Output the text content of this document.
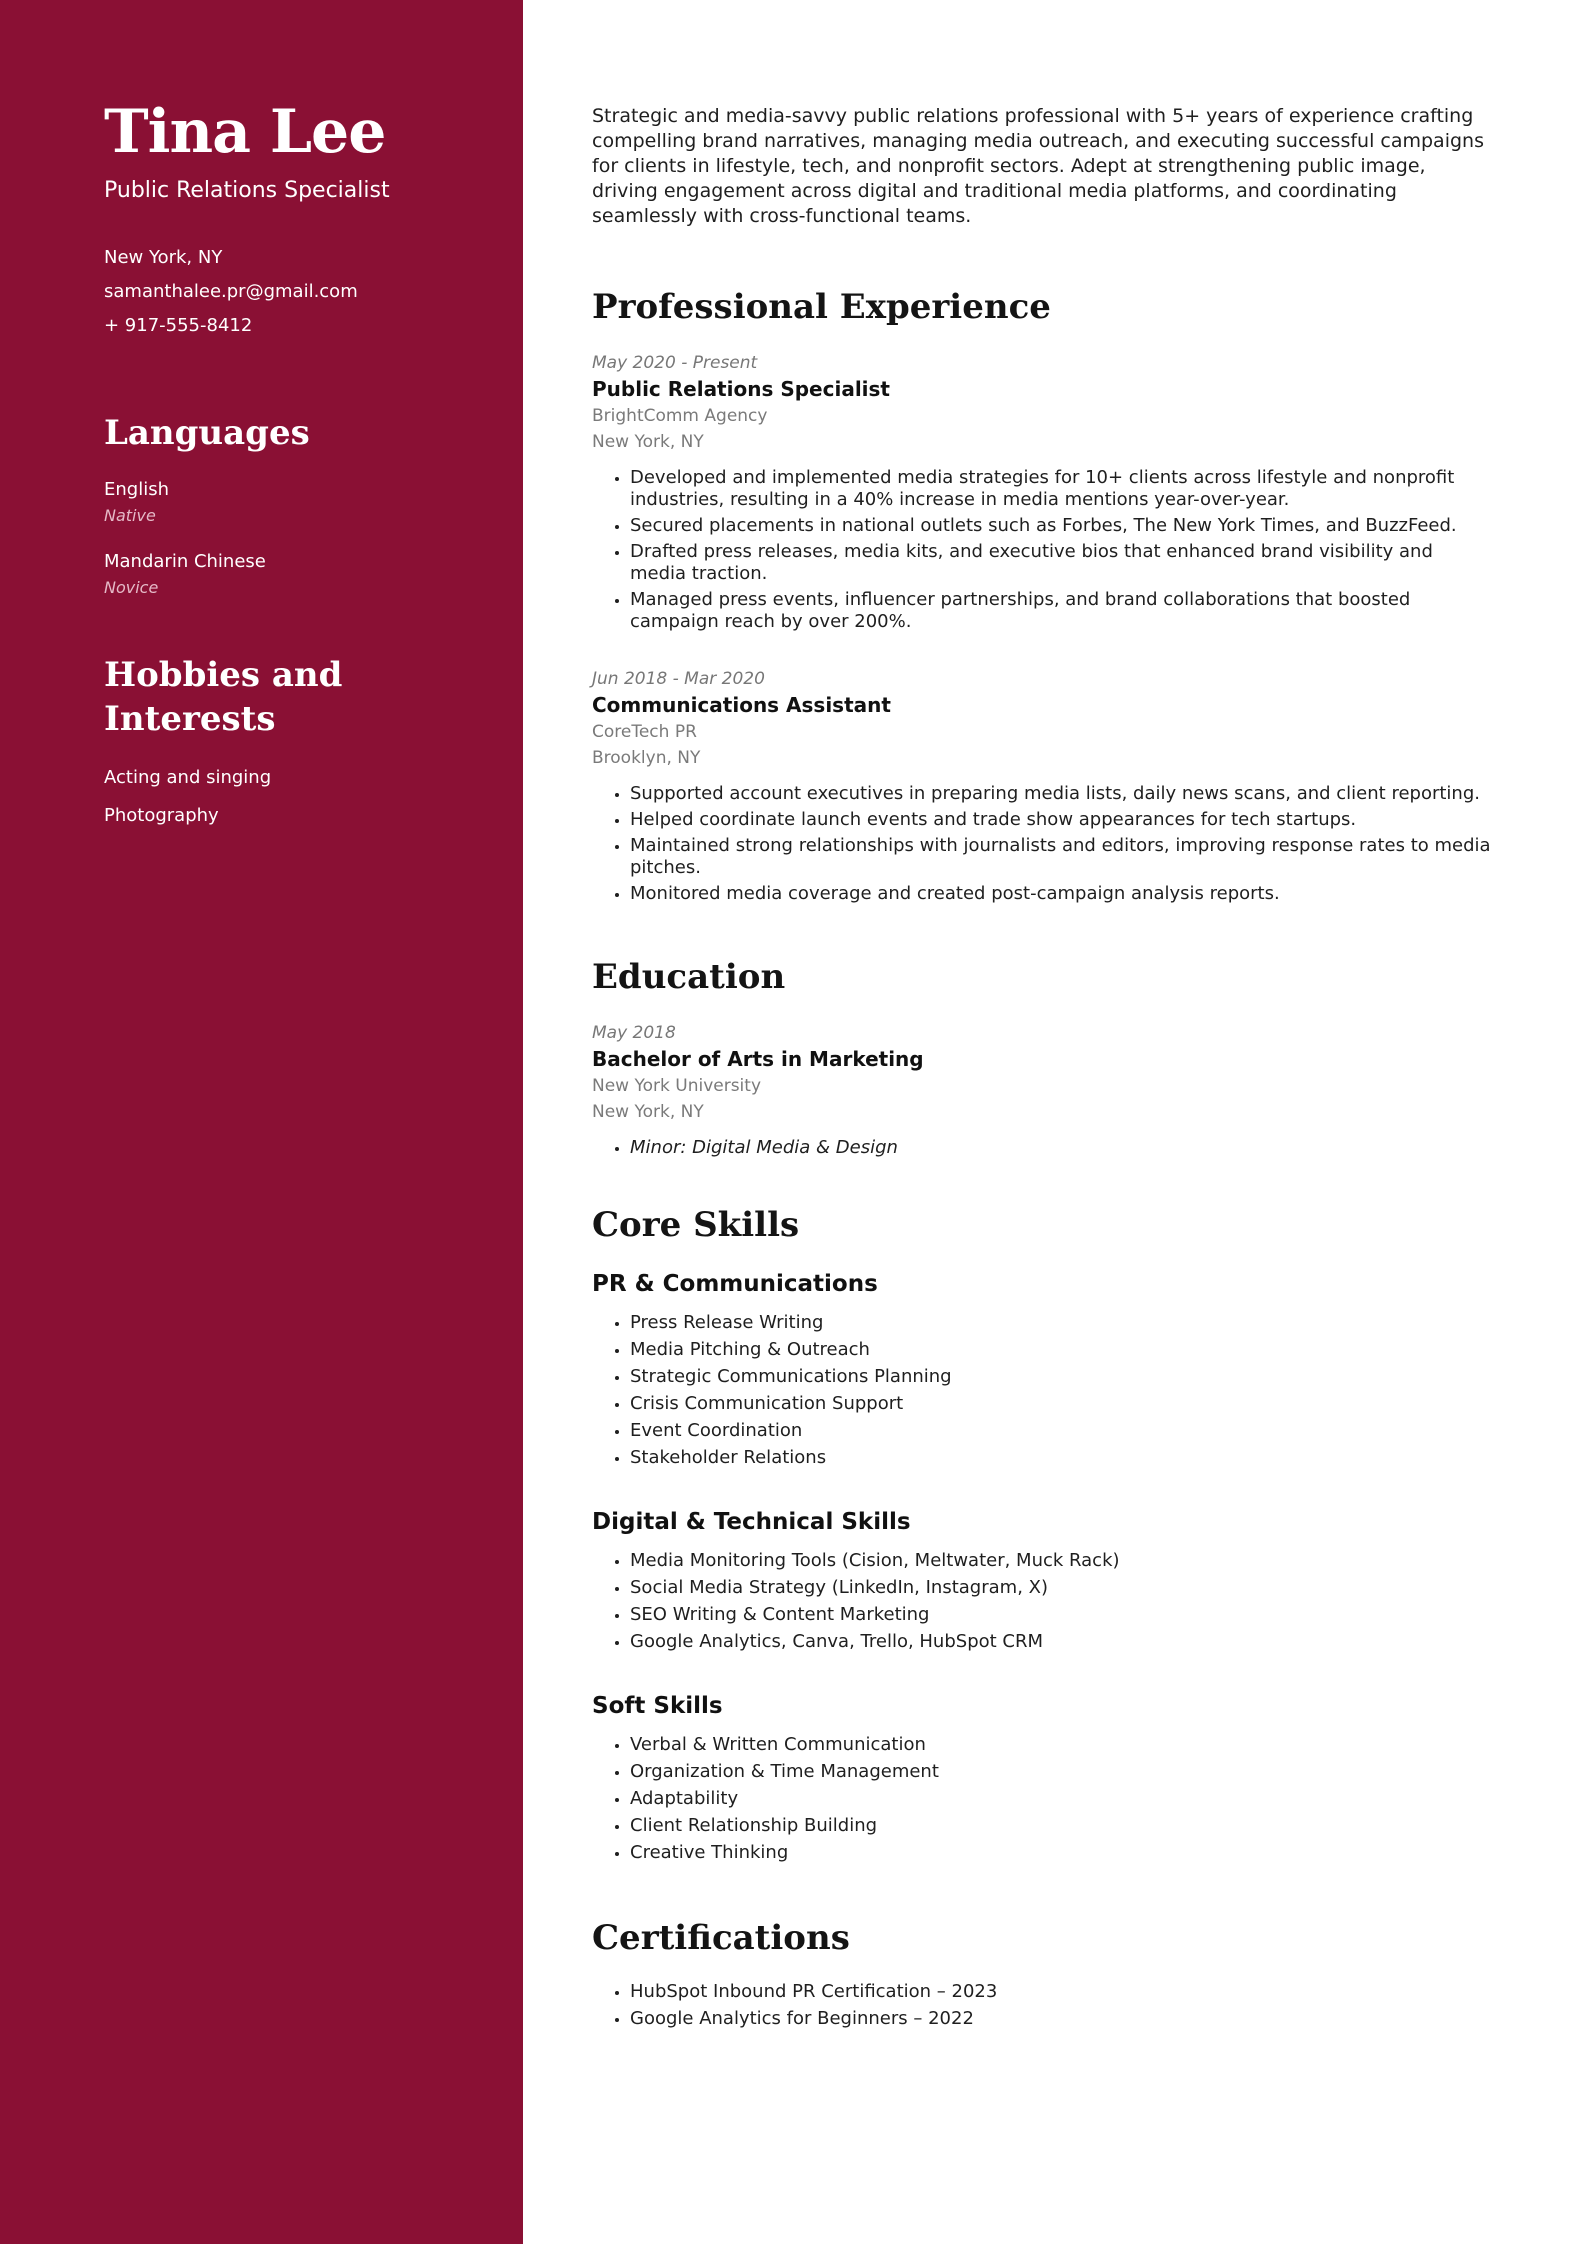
Tina Lee
Public Relations Specialist
New York, NY
samanthalee.pr@gmail.com
+ 917-555-8412
Languages
English
Native
Mandarin Chinese
Novice
Hobbies and Interests
Acting and singing
Photography

Strategic and media-savvy public relations professional with 5+ years of experience crafting compelling brand narratives, managing media outreach, and executing successful campaigns for clients in lifestyle, tech, and nonprofit sectors. Adept at strengthening public image, driving engagement across digital and traditional media platforms, and coordinating seamlessly with cross-functional teams.

Professional Experience
May 2020 - Present
Public Relations Specialist
BrightComm Agency
New York, NY
• Developed and implemented media strategies for 10+ clients across lifestyle and nonprofit industries, resulting in a 40% increase in media mentions year-over-year.
• Secured placements in national outlets such as Forbes, The New York Times, and BuzzFeed.
• Drafted press releases, media kits, and executive bios that enhanced brand visibility and media traction.
• Managed press events, influencer partnerships, and brand collaborations that boosted campaign reach by over 200%.
Jun 2018 - Mar 2020
Communications Assistant
CoreTech PR
Brooklyn, NY
• Supported account executives in preparing media lists, daily news scans, and client reporting.
• Helped coordinate launch events and trade show appearances for tech startups.
• Maintained strong relationships with journalists and editors, improving response rates to media pitches.
• Monitored media coverage and created post-campaign analysis reports.
Education
May 2018
Bachelor of Arts in Marketing
New York University
New York, NY
• Minor: Digital Media & Design
Core Skills
PR & Communications
• Press Release Writing
• Media Pitching & Outreach
• Strategic Communications Planning
• Crisis Communication Support
• Event Coordination
• Stakeholder Relations
Digital & Technical Skills
• Media Monitoring Tools (Cision, Meltwater, Muck Rack)
• Social Media Strategy (LinkedIn, Instagram, X)
• SEO Writing & Content Marketing
• Google Analytics, Canva, Trello, HubSpot CRM
Soft Skills
• Verbal & Written Communication
• Organization & Time Management
• Adaptability
• Client Relationship Building
• Creative Thinking
Certifications
• HubSpot Inbound PR Certification – 2023
• Google Analytics for Beginners – 2022
